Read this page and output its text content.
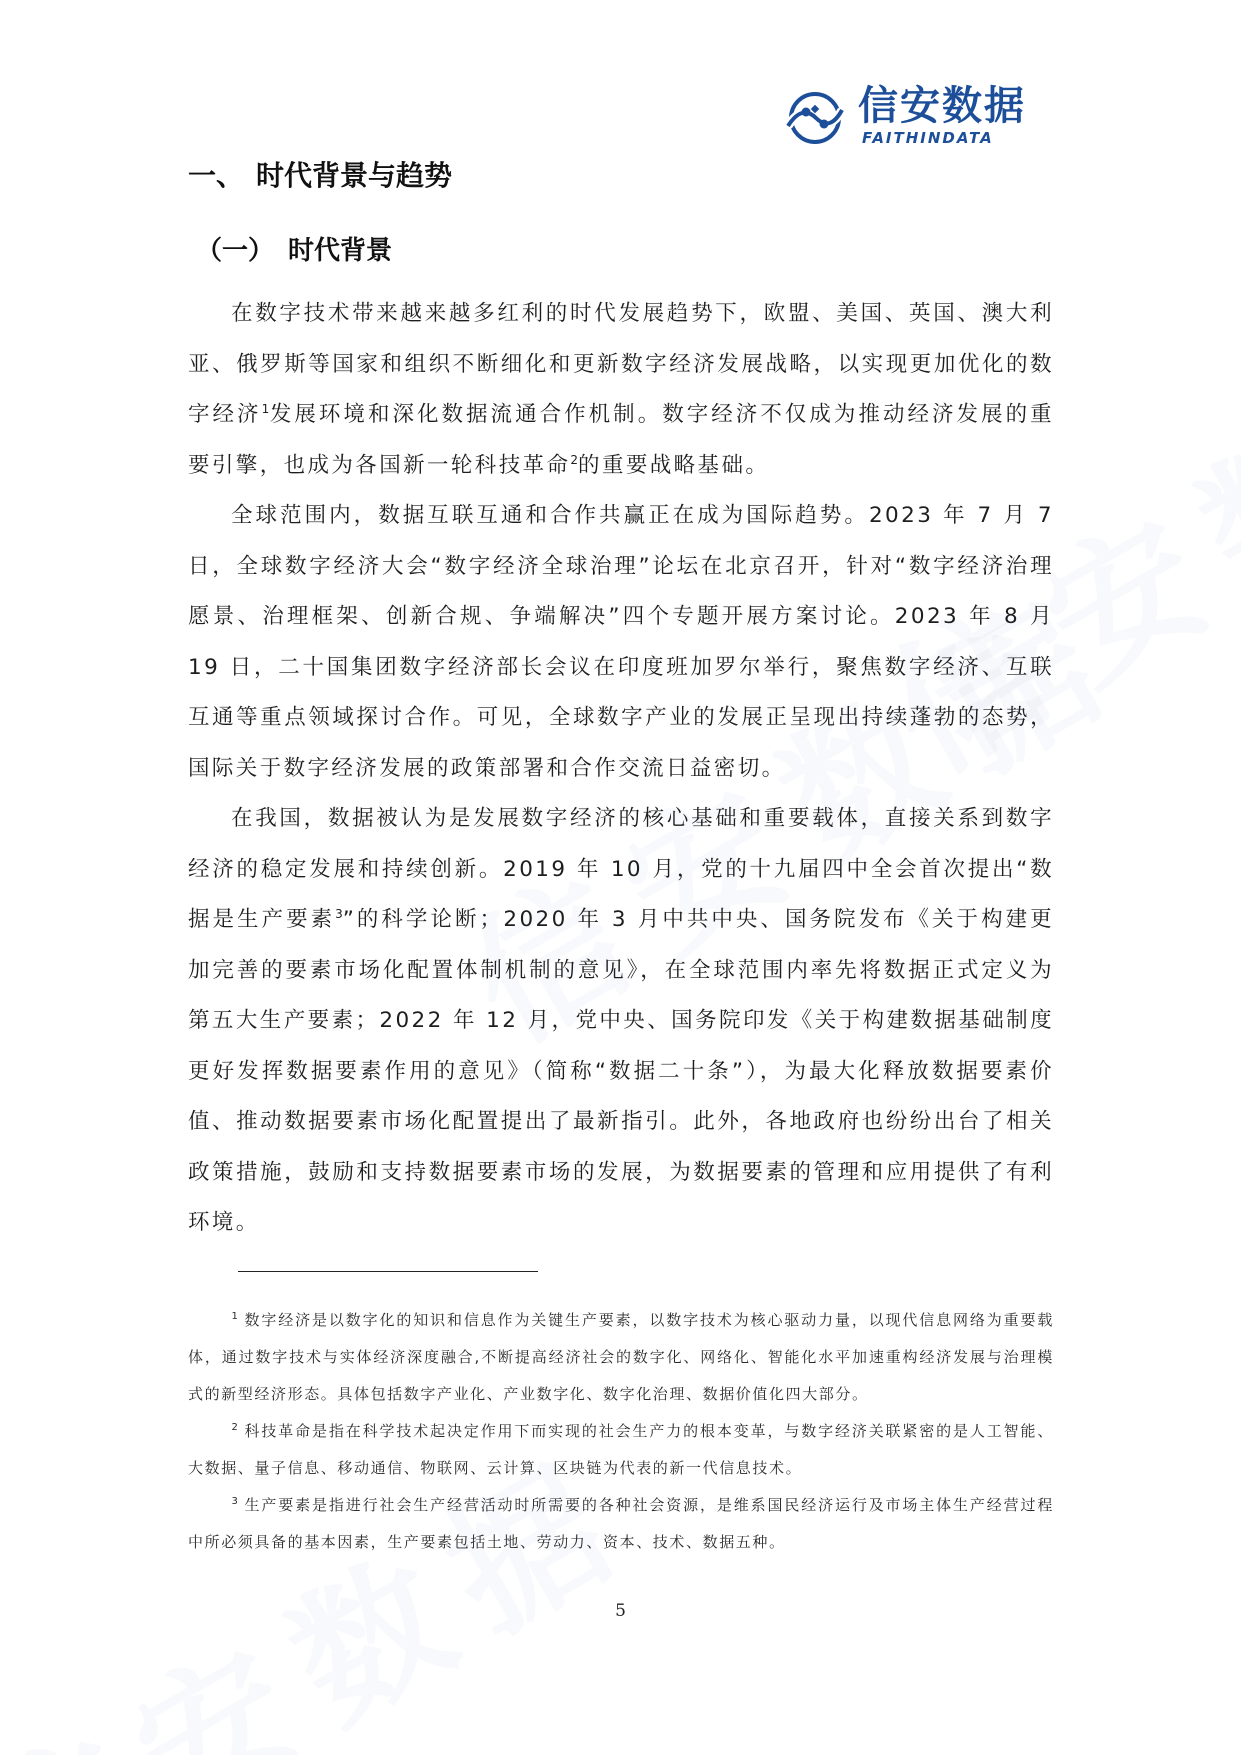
信安数据
FAITHINDATA
一、 时代背景与趋势
（一） 时代背景

在数字技术带来越来越多红利的时代发展趋势下，欧盟、美国、英国、澳大利亚、俄罗斯等国家和组织不断细化和更新数字经济发展战略，以实现更加优化的数字经济$^1$发展环境和深化数据流通合作机制。数字经济不仅成为推动经济发展的重要引擎，也成为各国新一轮科技革命$^2$的重要战略基础。

全球范围内，数据互联互通和合作共赢正在成为国际趋势。2023 年 7 月 7 日，全球数字经济大会“数字经济全球治理”论坛在北京召开，针对“数字经济治理愿景、治理框架、创新合规、争端解决”四个专题开展方案讨论。2023 年 8 月 19 日，二十国集团数字经济部长会议在印度班加罗尔举行，聚焦数字经济、互联互通等重点领域探讨合作。可见，全球数字产业的发展正呈现出持续蓬勃的态势，国际关于数字经济发展的政策部署和合作交流日益密切。

在我国，数据被认为是发展数字经济的核心基础和重要载体，直接关系到数字经济的稳定发展和持续创新。2019 年 10 月，党的十九届四中全会首次提出“数据是生产要素$^3$”的科学论断；2020 年 3 月中共中央、国务院发布《关于构建更加完善的要素市场化配置体制机制的意见》，在全球范围内率先将数据正式定义为第五大生产要素；2022 年 12 月，党中央、国务院印发《关于构建数据基础制度更好发挥数据要素作用的意见》（简称“数据二十条”），为最大化释放数据要素价值、推动数据要素市场化配置提出了最新指引。此外，各地政府也纷纷出台了相关政策措施，鼓励和支持数据要素市场的发展，为数据要素的管理和应用提供了有利环境。

$^1$ 数字经济是以数字化的知识和信息作为关键生产要素，以数字技术为核心驱动力量，以现代信息网络为重要载体，通过数字技术与实体经济深度融合,不断提高经济社会的数字化、网络化、智能化水平加速重构经济发展与治理模式的新型经济形态。具体包括数字产业化、产业数字化、数字化治理、数据价值化四大部分。

$^2$ 科技革命是指在科学技术起决定作用下而实现的社会生产力的根本变革，与数字经济关联紧密的是人工智能、大数据、量子信息、移动通信、物联网、云计算、区块链为代表的新一代信息技术。

$^3$ 生产要素是指进行社会生产经营活动时所需要的各种社会资源，是维系国民经济运行及市场主体生产经营过程中所必须具备的基本因素，生产要素包括土地、劳动力、资本、技术、数据五种。

5
